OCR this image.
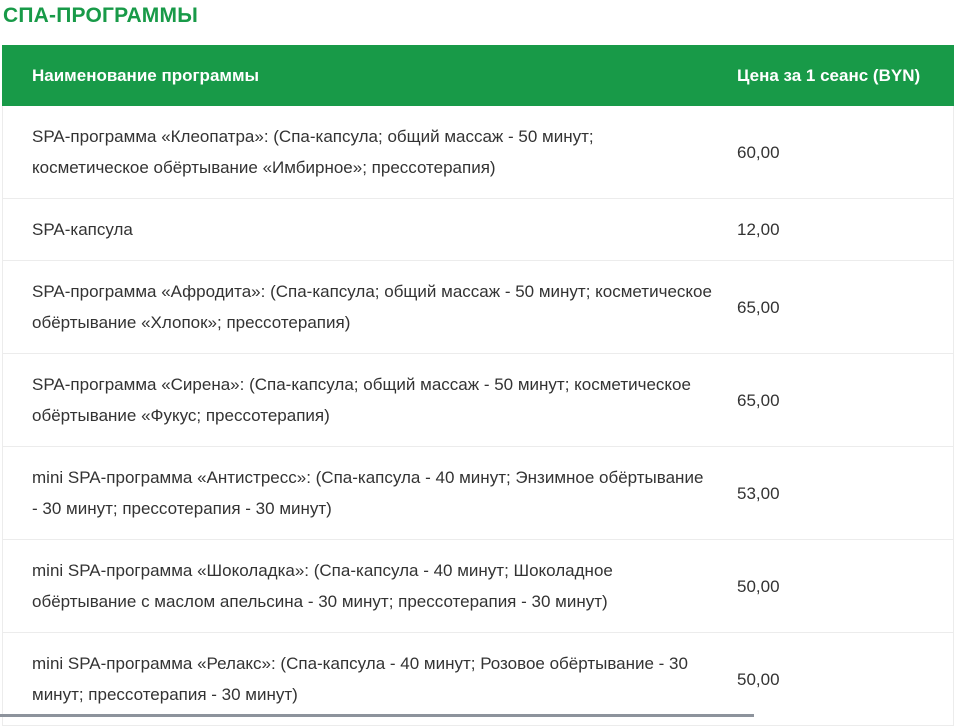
СПА-ПРОГРАММЫ
Наименование программы	Цена за 1 сеанс (BYN)
SPA-программа «Клеопатра»: (Спа-капсула; общий массаж - 50 минут; косметическое обёртывание «Имбирное»; прессотерапия)
60,00
SPA-капсула	12,00
SPA-программа «Афродита»: (Спа-капсула; общий массаж - 50 минут; косметическое обёртывание «Хлопок»; прессотерапия)
65,00
SPA-программа «Сирена»: (Спа-капсула; общий массаж - 50 минут; косметическое обёртывание «Фукус; прессотерапия)
65,00
mini SPA-программа «Антистресс»: (Спа-капсула - 40 минут; Энзимное обёртывание - 30 минут; прессотерапия - 30 минут)
53,00
mini SPA-программа «Шоколадка»: (Спа-капсула - 40 минут; Шоколадное обёртывание с маслом апельсина - 30 минут; прессотерапия - 30 минут)
50,00
mini SPA-программа «Релакс»: (Спа-капсула - 40 минут; Розовое обёртывание - 30 минут; прессотерапия - 30 минут)
50,00
